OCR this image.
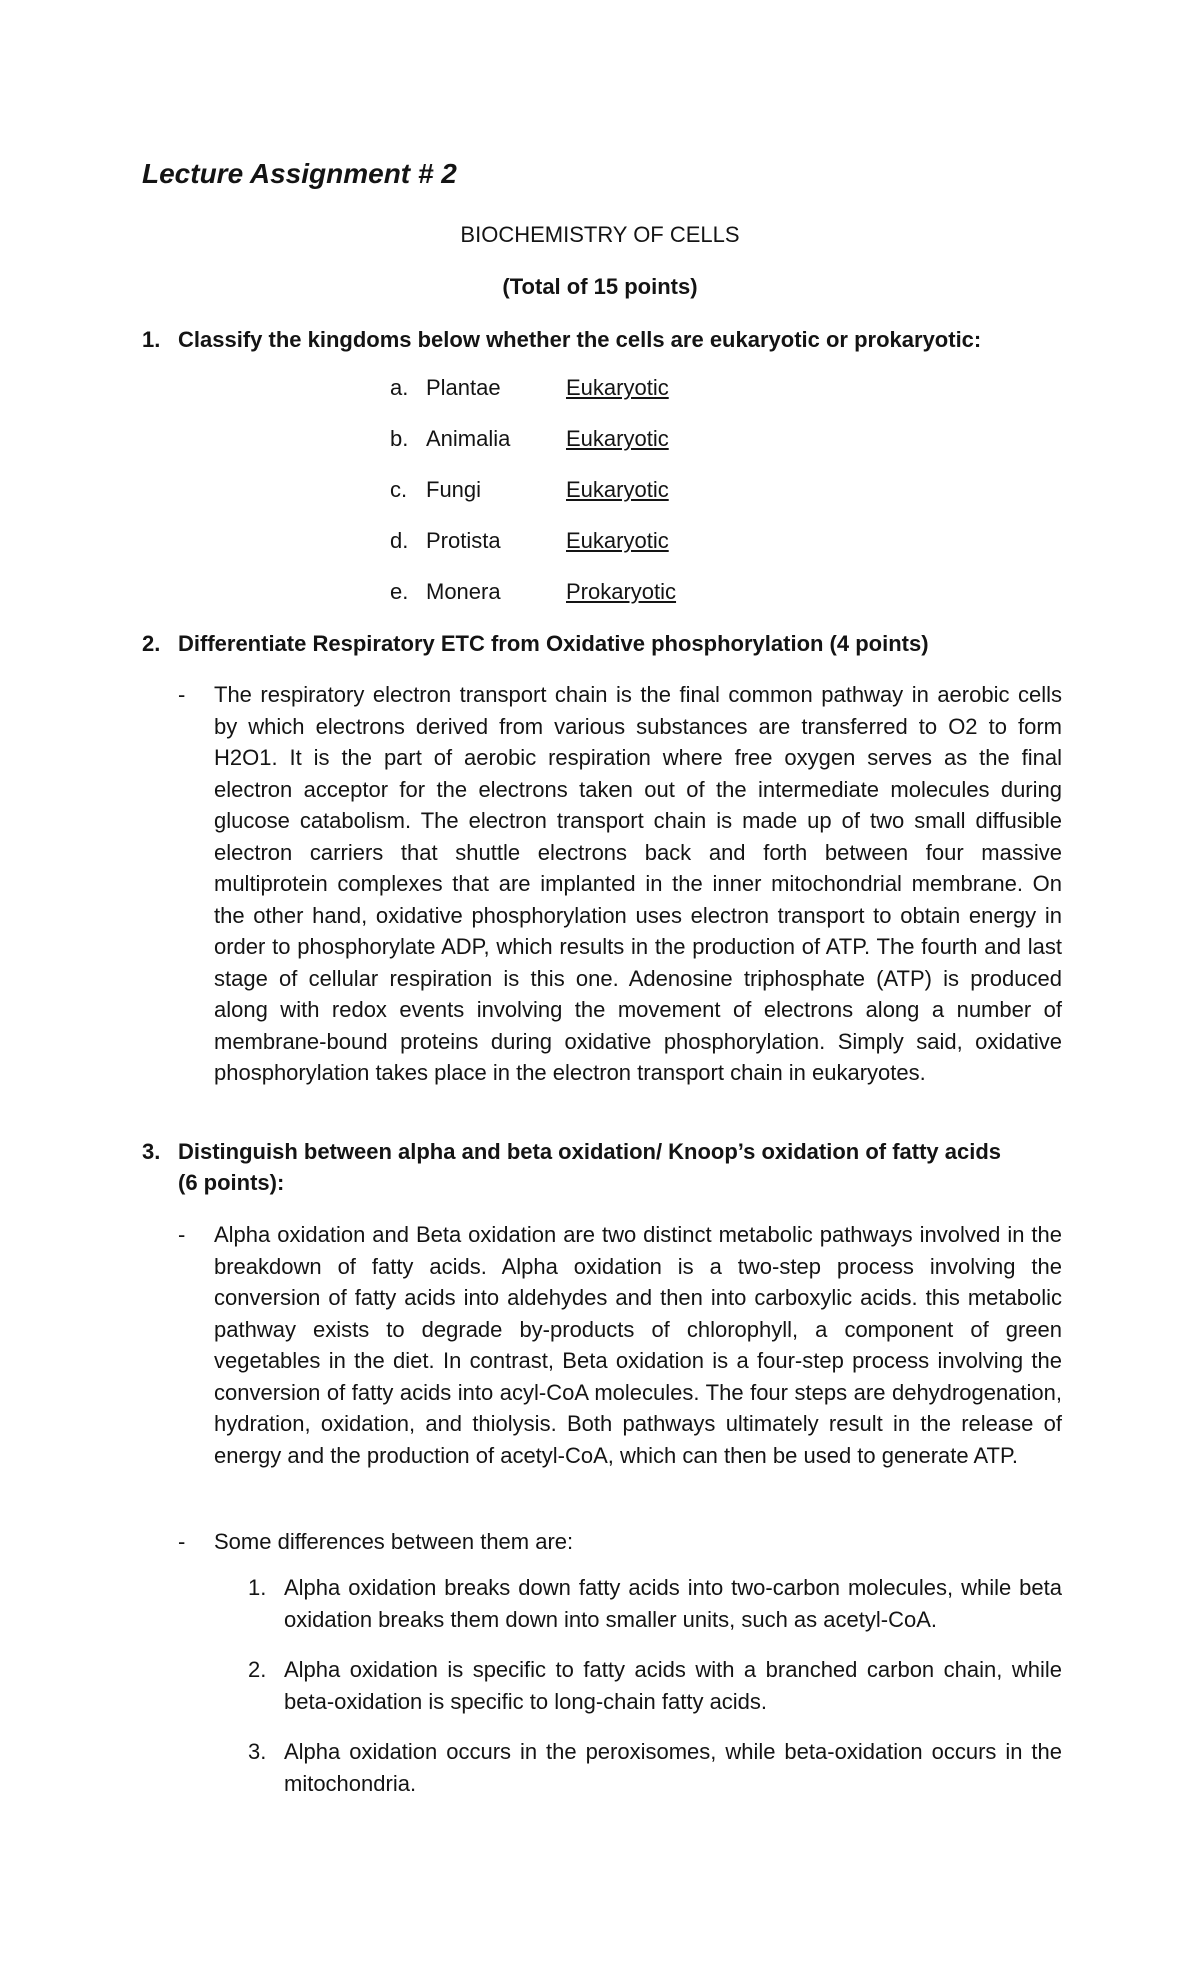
Lecture Assignment # 2

BIOCHEMISTRY OF CELLS

(Total of 15 points)

1. Classify the kingdoms below whether the cells are eukaryotic or prokaryotic:

a. Plantae	Eukaryotic
b. Animalia	Eukaryotic
c. Fungi	Eukaryotic
d. Protista	Eukaryotic
e. Monera	Prokaryotic

2. Differentiate Respiratory ETC from Oxidative phosphorylation (4 points)

- The respiratory electron transport chain is the final common pathway in aerobic cells by which electrons derived from various substances are transferred to O2 to form H2O1. It is the part of aerobic respiration where free oxygen serves as the final electron acceptor for the electrons taken out of the intermediate molecules during glucose catabolism. The electron transport chain is made up of two small diffusible electron carriers that shuttle electrons back and forth between four massive multiprotein complexes that are implanted in the inner mitochondrial membrane. On the other hand, oxidative phosphorylation uses electron transport to obtain energy in order to phosphorylate ADP, which results in the production of ATP. The fourth and last stage of cellular respiration is this one. Adenosine triphosphate (ATP) is produced along with redox events involving the movement of electrons along a number of membrane-bound proteins during oxidative phosphorylation. Simply said, oxidative phosphorylation takes place in the electron transport chain in eukaryotes.

3. Distinguish between alpha and beta oxidation/ Knoop’s oxidation of fatty acids
(6 points):

- Alpha oxidation and Beta oxidation are two distinct metabolic pathways involved in the breakdown of fatty acids. Alpha oxidation is a two-step process involving the conversion of fatty acids into aldehydes and then into carboxylic acids. this metabolic pathway exists to degrade by-products of chlorophyll, a component of green vegetables in the diet. In contrast, Beta oxidation is a four-step process involving the conversion of fatty acids into acyl-CoA molecules. The four steps are dehydrogenation, hydration, oxidation, and thiolysis. Both pathways ultimately result in the release of energy and the production of acetyl-CoA, which can then be used to generate ATP.
- Some differences between them are:
1. Alpha oxidation breaks down fatty acids into two-carbon molecules, while beta oxidation breaks them down into smaller units, such as acetyl-CoA.
2. Alpha oxidation is specific to fatty acids with a branched carbon chain, while beta-oxidation is specific to long-chain fatty acids.
3. Alpha oxidation occurs in the peroxisomes, while beta-oxidation occurs in the mitochondria.
